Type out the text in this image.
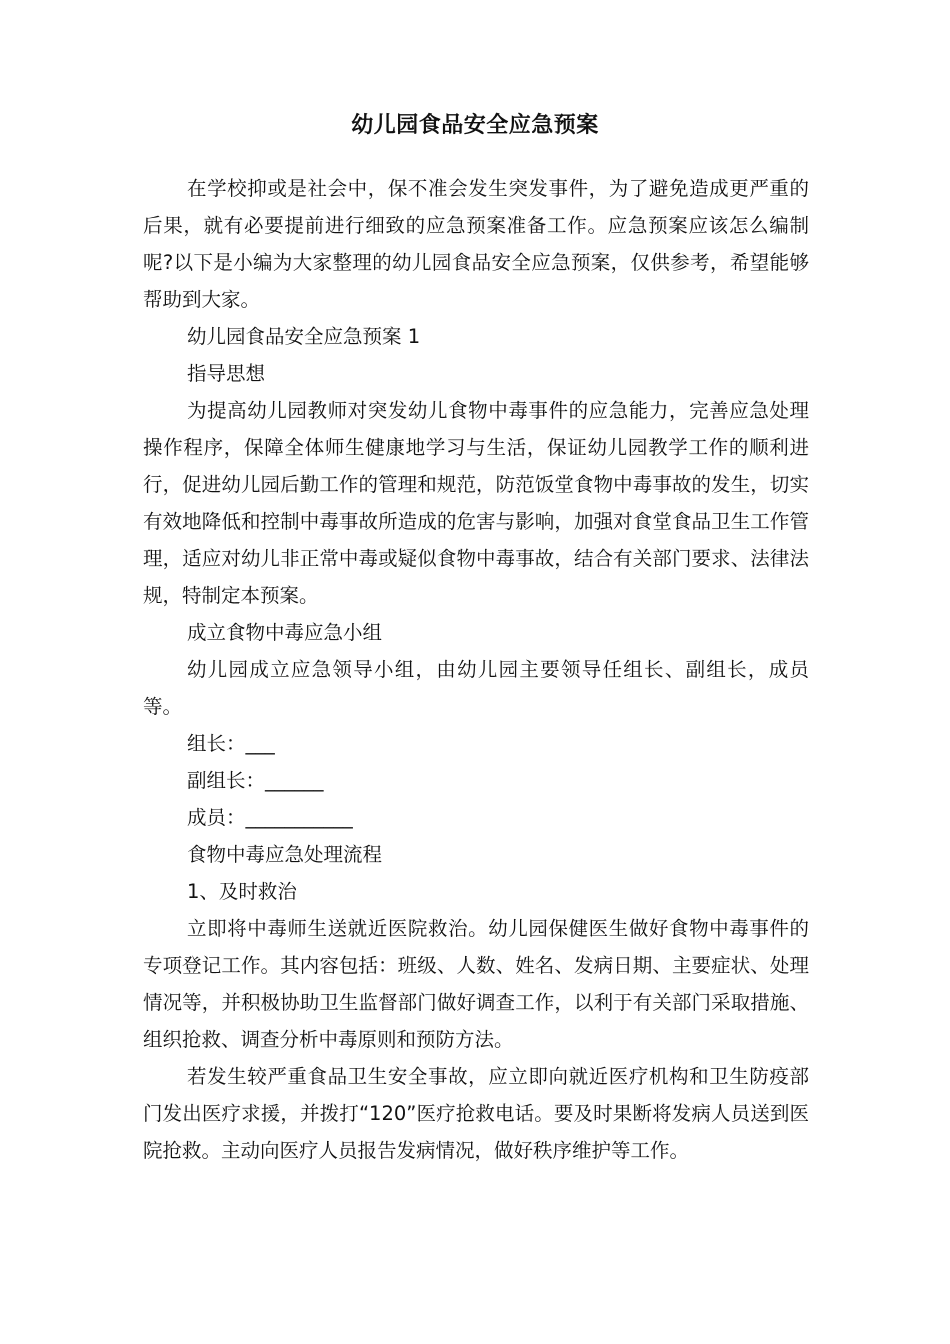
幼儿园食品安全应急预案

在学校抑或是社会中，保不准会发生突发事件，为了避免造成更严重的后果，就有必要提前进行细致的应急预案准备工作。应急预案应该怎么编制呢?以下是小编为大家整理的幼儿园食品安全应急预案，仅供参考，希望能够帮助到大家。

幼儿园食品安全应急预案 1

指导思想

为提高幼儿园教师对突发幼儿食物中毒事件的应急能力，完善应急处理操作程序，保障全体师生健康地学习与生活，保证幼儿园教学工作的顺利进行，促进幼儿园后勤工作的管理和规范，防范饭堂食物中毒事故的发生，切实有效地降低和控制中毒事故所造成的危害与影响，加强对食堂食品卫生工作管理，适应对幼儿非正常中毒或疑似食物中毒事故，结合有关部门要求、法律法规，特制定本预案。

成立食物中毒应急小组

幼儿园成立应急领导小组，由幼儿园主要领导任组长、副组长，成员等。

组长：___

副组长：______

成员：___________

食物中毒应急处理流程

1、及时救治

立即将中毒师生送就近医院救治。幼儿园保健医生做好食物中毒事件的专项登记工作。其内容包括：班级、人数、姓名、发病日期、主要症状、处理情况等，并积极协助卫生监督部门做好调查工作，以利于有关部门采取措施、组织抢救、调查分析中毒原则和预防方法。

若发生较严重食品卫生安全事故，应立即向就近医疗机构和卫生防疫部门发出医疗求援，并拨打“120”医疗抢救电话。要及时果断将发病人员送到医院抢救。主动向医疗人员报告发病情况，做好秩序维护等工作。
